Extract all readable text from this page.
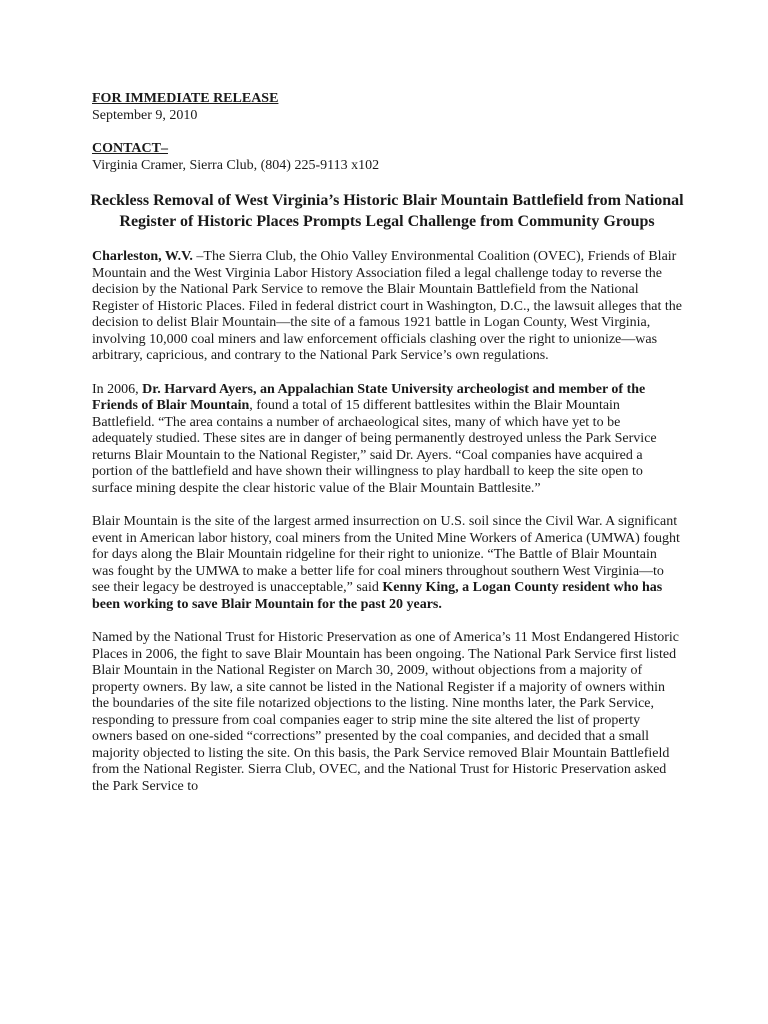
FOR IMMEDIATE RELEASE
September 9, 2010
CONTACT–
Virginia Cramer, Sierra Club, (804) 225-9113 x102
Reckless Removal of West Virginia’s Historic Blair Mountain Battlefield from National Register of Historic Places Prompts Legal Challenge from Community Groups

Charleston, W.V. –The Sierra Club, the Ohio Valley Environmental Coalition (OVEC), Friends of Blair Mountain and the West Virginia Labor History Association filed a legal challenge today to reverse the decision by the National Park Service to remove the Blair Mountain Battlefield from the National Register of Historic Places. Filed in federal district court in Washington, D.C., the lawsuit alleges that the decision to delist Blair Mountain—the site of a famous 1921 battle in Logan County, West Virginia, involving 10,000 coal miners and law enforcement officials clashing over the right to unionize—was arbitrary, capricious, and contrary to the National Park Service’s own regulations.

In 2006, Dr. Harvard Ayers, an Appalachian State University archeologist and member of the Friends of Blair Mountain, found a total of 15 different battlesites within the Blair Mountain Battlefield. “The area contains a number of archaeological sites, many of which have yet to be adequately studied. These sites are in danger of being permanently destroyed unless the Park Service returns Blair Mountain to the National Register,” said Dr. Ayers. “Coal companies have acquired a portion of the battlefield and have shown their willingness to play hardball to keep the site open to surface mining despite the clear historic value of the Blair Mountain Battlesite.”

Blair Mountain is the site of the largest armed insurrection on U.S. soil since the Civil War. A significant event in American labor history, coal miners from the United Mine Workers of America (UMWA) fought for days along the Blair Mountain ridgeline for their right to unionize. “The Battle of Blair Mountain was fought by the UMWA to make a better life for coal miners throughout southern West Virginia—to see their legacy be destroyed is unacceptable,” said Kenny King, a Logan County resident who has been working to save Blair Mountain for the past 20 years.

Named by the National Trust for Historic Preservation as one of America’s 11 Most Endangered Historic Places in 2006, the fight to save Blair Mountain has been ongoing. The National Park Service first listed Blair Mountain in the National Register on March 30, 2009, without objections from a majority of property owners. By law, a site cannot be listed in the National Register if a majority of owners within the boundaries of the site file notarized objections to the listing. Nine months later, the Park Service, responding to pressure from coal companies eager to strip mine the site altered the list of property owners based on one-sided “corrections” presented by the coal companies, and decided that a small majority objected to listing the site. On this basis, the Park Service removed Blair Mountain Battlefield from the National Register. Sierra Club, OVEC, and the National Trust for Historic Preservation asked the Park Service to
